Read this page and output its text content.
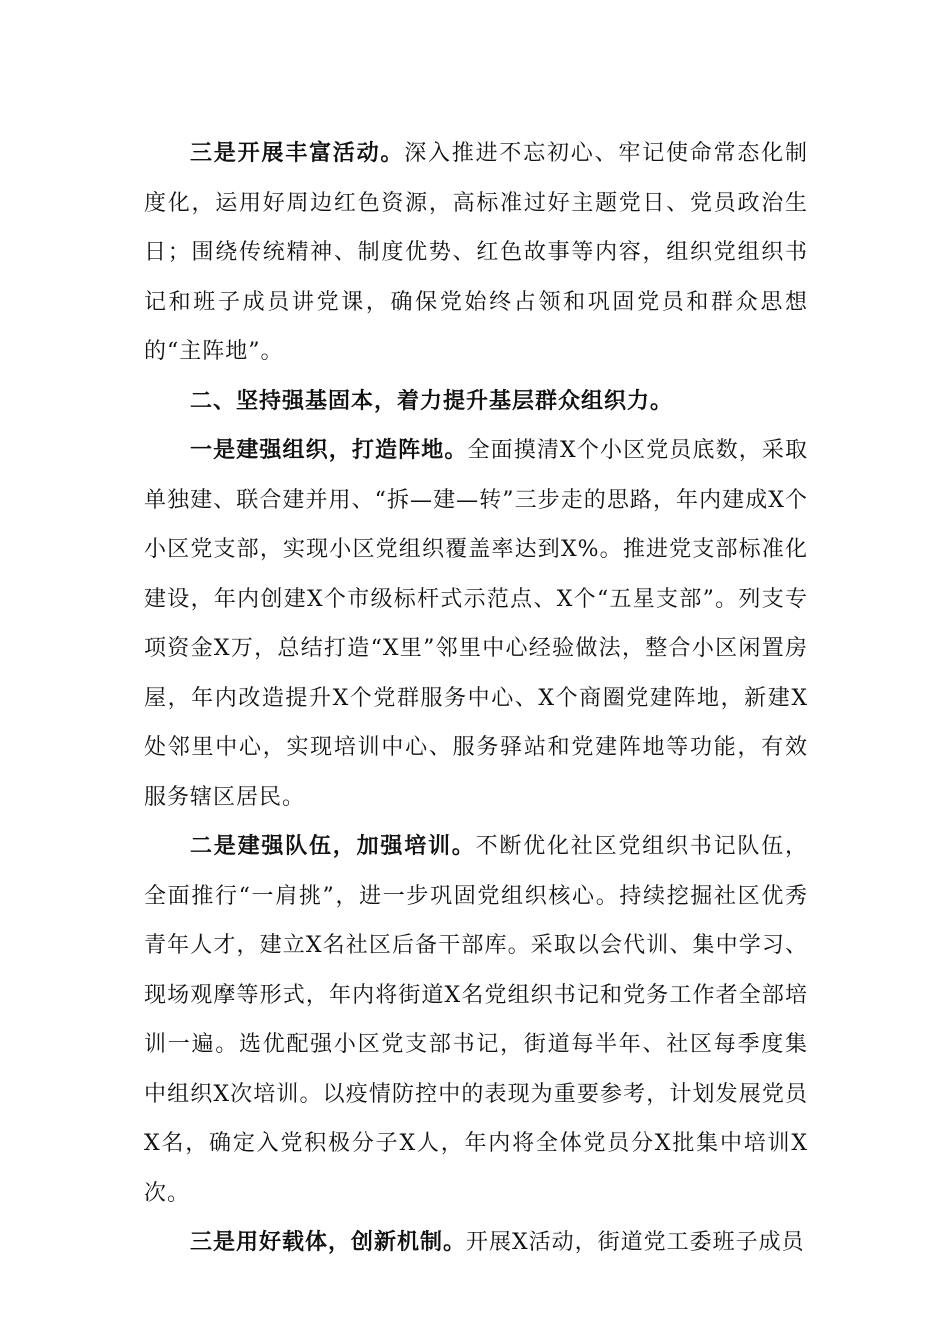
三是开展丰富活动。深入推进不忘初心、牢记使命常态化制度化，运用好周边红色资源，高标准过好主题党日、党员政治生日；围绕传统精神、制度优势、红色故事等内容，组织党组织书记和班子成员讲党课，确保党始终占领和巩固党员和群众思想的“主阵地”。

二、坚持强基固本，着力提升基层群众组织力。

一是建强组织，打造阵地。全面摸清X个小区党员底数，采取单独建、联合建并用、“拆—建—转”三步走的思路，年内建成X个小区党支部，实现小区党组织覆盖率达到X%。推进党支部标准化建设，年内创建X个市级标杆式示范点、X个“五星支部”。列支专项资金X万，总结打造“X里”邻里中心经验做法，整合小区闲置房屋，年内改造提升X个党群服务中心、X个商圈党建阵地，新建X处邻里中心，实现培训中心、服务驿站和党建阵地等功能，有效服务辖区居民。

二是建强队伍，加强培训。不断优化社区党组织书记队伍，全面推行“一肩挑”，进一步巩固党组织核心。持续挖掘社区优秀青年人才，建立X名社区后备干部库。采取以会代训、集中学习、现场观摩等形式，年内将街道X名党组织书记和党务工作者全部培训一遍。选优配强小区党支部书记，街道每半年、社区每季度集中组织X次培训。以疫情防控中的表现为重要参考，计划发展党员X名，确定入党积极分子X人，年内将全体党员分X批集中培训X次。

三是用好载体，创新机制。开展X活动，街道党工委班子成员
